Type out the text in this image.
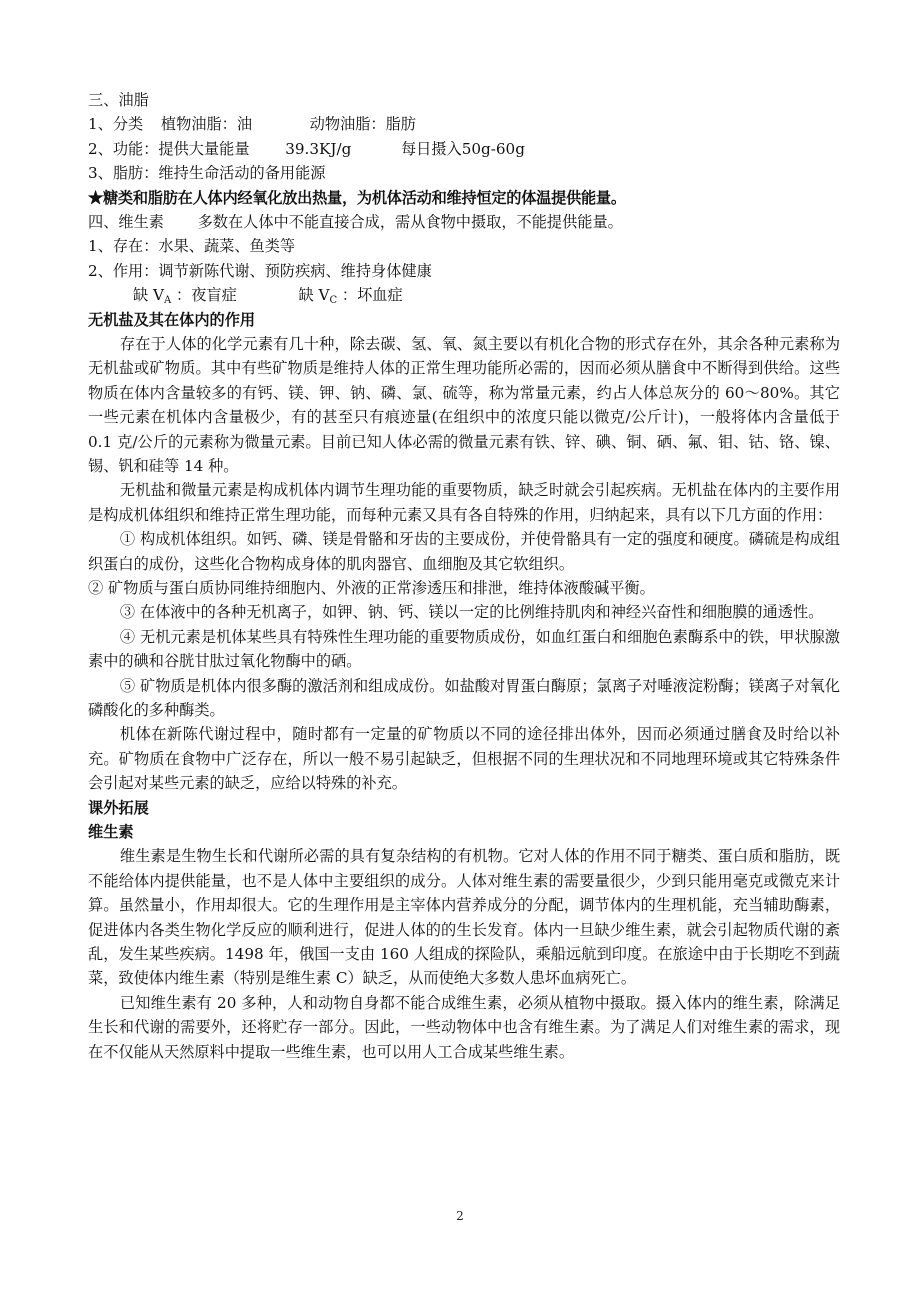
三、油脂
1、分类 植物油脂：油	动物油脂：脂肪
2、功能：提供大量能量 39.3KJ/g	每日摄入50g-60g
3、脂肪：维持生命活动的备用能源
★糖类和脂肪在人体内经氧化放出热量，为机体活动和维持恒定的体温提供能量。
四、维生素 多数在人体中不能直接合成，需从食物中摄取，不能提供能量。
1、存在：水果、蔬菜、鱼类等
2、作用：调节新陈代谢、预防疾病、维持身体健康
缺 $V_A$ ：夜盲症	缺 $V_C$ ：坏血症
无机盐及其在体内的作用

存在于人体的化学元素有几十种，除去碳、氢、氧、氮主要以有机化合物的形式存在外，其余各种元素称为无机盐或矿物质。其中有些矿物质是维持人体的正常生理功能所必需的，因而必须从膳食中不断得到供给。这些物质在体内含量较多的有钙、镁、钾、钠、磷、氯、硫等，称为常量元素，约占人体总灰分的 60～80%。其它一些元素在机体内含量极少，有的甚至只有痕迹量(在组织中的浓度只能以微克/公斤计)，一般将体内含量低于 0.1 克/公斤的元素称为微量元素。目前已知人体必需的微量元素有铁、锌、碘、铜、硒、氟、钼、钴、铬、镍、锡、钒和硅等 14 种。

无机盐和微量元素是构成机体内调节生理功能的重要物质，缺乏时就会引起疾病。无机盐在体内的主要作用是构成机体组织和维持正常生理功能，而每种元素又具有各自特殊的作用，归纳起来，具有以下几方面的作用：

① 构成机体组织。如钙、磷、镁是骨骼和牙齿的主要成份，并使骨骼具有一定的强度和硬度。磷硫是构成组织蛋白的成份，这些化合物构成身体的肌肉器官、血细胞及其它软组织。

② 矿物质与蛋白质协同维持细胞内、外液的正常渗透压和排泄，维持体液酸碱平衡。

③ 在体液中的各种无机离子，如钾、钠、钙、镁以一定的比例维持肌肉和神经兴奋性和细胞膜的通透性。

④ 无机元素是机体某些具有特殊性生理功能的重要物质成份，如血红蛋白和细胞色素酶系中的铁，甲状腺激素中的碘和谷胱甘肽过氧化物酶中的硒。

⑤ 矿物质是机体内很多酶的激活剂和组成成份。如盐酸对胃蛋白酶原；氯离子对唾液淀粉酶；镁离子对氧化磷酸化的多种酶类。

机体在新陈代谢过程中，随时都有一定量的矿物质以不同的途径排出体外，因而必须通过膳食及时给以补充。矿物质在食物中广泛存在，所以一般不易引起缺乏，但根据不同的生理状况和不同地理环境或其它特殊条件会引起对某些元素的缺乏，应给以特殊的补充。

课外拓展
维生素

维生素是生物生长和代谢所必需的具有复杂结构的有机物。它对人体的作用不同于糖类、蛋白质和脂肪，既不能给体内提供能量，也不是人体中主要组织的成分。人体对维生素的需要量很少，少到只能用毫克或微克来计算。虽然量小，作用却很大。它的生理作用是主宰体内营养成分的分配，调节体内的生理机能，充当辅助酶素，促进体内各类生物化学反应的顺利进行，促进人体的的生长发育。体内一旦缺少维生素，就会引起物质代谢的紊乱，发生某些疾病。1498 年，俄国一支由 160 人组成的探险队，乘船远航到印度。在旅途中由于长期吃不到蔬菜，致使体内维生素（特别是维生素 C）缺乏，从而使绝大多数人患坏血病死亡。

已知维生素有 20 多种，人和动物自身都不能合成维生素，必须从植物中摄取。摄入体内的维生素，除满足生长和代谢的需要外，还将贮存一部分。因此，一些动物体中也含有维生素。为了满足人们对维生素的需求，现在不仅能从天然原料中提取一些维生素，也可以用人工合成某些维生素。

2
